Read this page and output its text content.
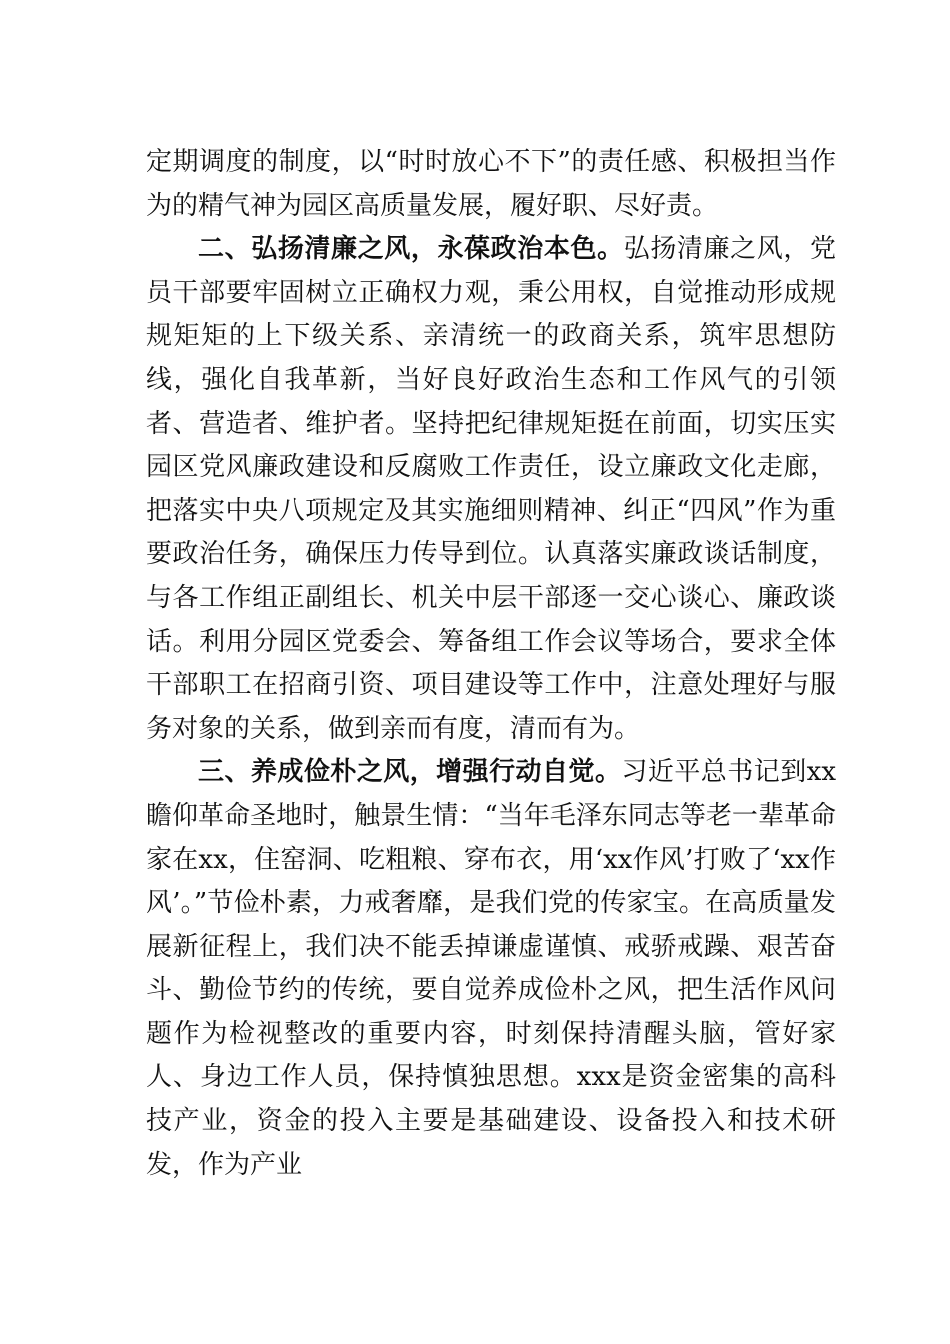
定期调度的制度，以“时时放心不下”的责任感、积极担当作为的精气神为园区高质量发展，履好职、尽好责。

二、弘扬清廉之风，永葆政治本色。弘扬清廉之风，党员干部要牢固树立正确权力观，秉公用权，自觉推动形成规规矩矩的上下级关系、亲清统一的政商关系，筑牢思想防线，强化自我革新，当好良好政治生态和工作风气的引领者、营造者、维护者。坚持把纪律规矩挺在前面，切实压实园区党风廉政建设和反腐败工作责任，设立廉政文化走廊，把落实中央八项规定及其实施细则精神、纠正“四风”作为重要政治任务，确保压力传导到位。认真落实廉政谈话制度，与各工作组正副组长、机关中层干部逐一交心谈心、廉政谈话。利用分园区党委会、筹备组工作会议等场合，要求全体干部职工在招商引资、项目建设等工作中，注意处理好与服务对象的关系，做到亲而有度，清而有为。

三、养成俭朴之风，增强行动自觉。习近平总书记到xx瞻仰革命圣地时，触景生情：“当年毛泽东同志等老一辈革命家在xx，住窑洞、吃粗粮、穿布衣，用‘xx作风’打败了‘xx作风’。”节俭朴素，力戒奢靡，是我们党的传家宝。在高质量发展新征程上，我们决不能丢掉谦虚谨慎、戒骄戒躁、艰苦奋斗、勤俭节约的传统，要自觉养成俭朴之风，把生活作风问题作为检视整改的重要内容，时刻保持清醒头脑，管好家人、身边工作人员，保持慎独思想。xxx是资金密集的高科技产业，资金的投入主要是基础建设、设备投入和技术研发，作为产业
